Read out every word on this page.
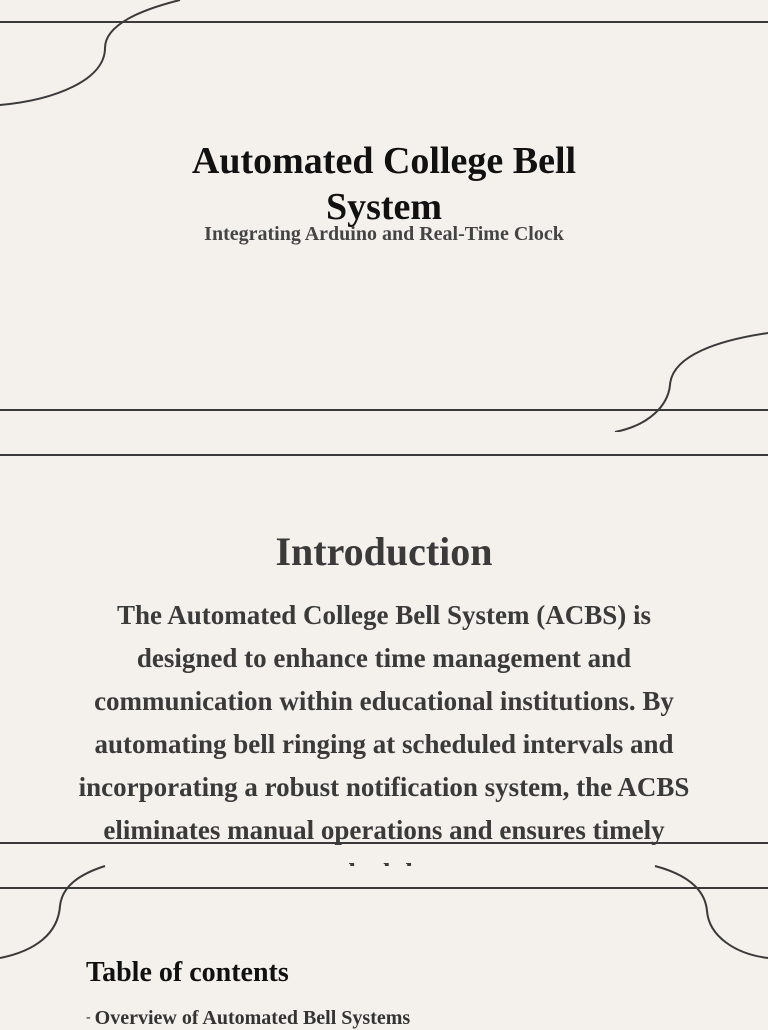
Automated College Bell System

Integrating Arduino and Real-Time Clock

Introduction

The Automated College Bell System (ACBS) is designed to enhance time management and communication within educational institutions. By automating bell ringing at scheduled intervals and incorporating a robust notification system, the ACBS eliminates manual operations and ensures timely

Table of contents
- Overview of Automated Bell Systems
